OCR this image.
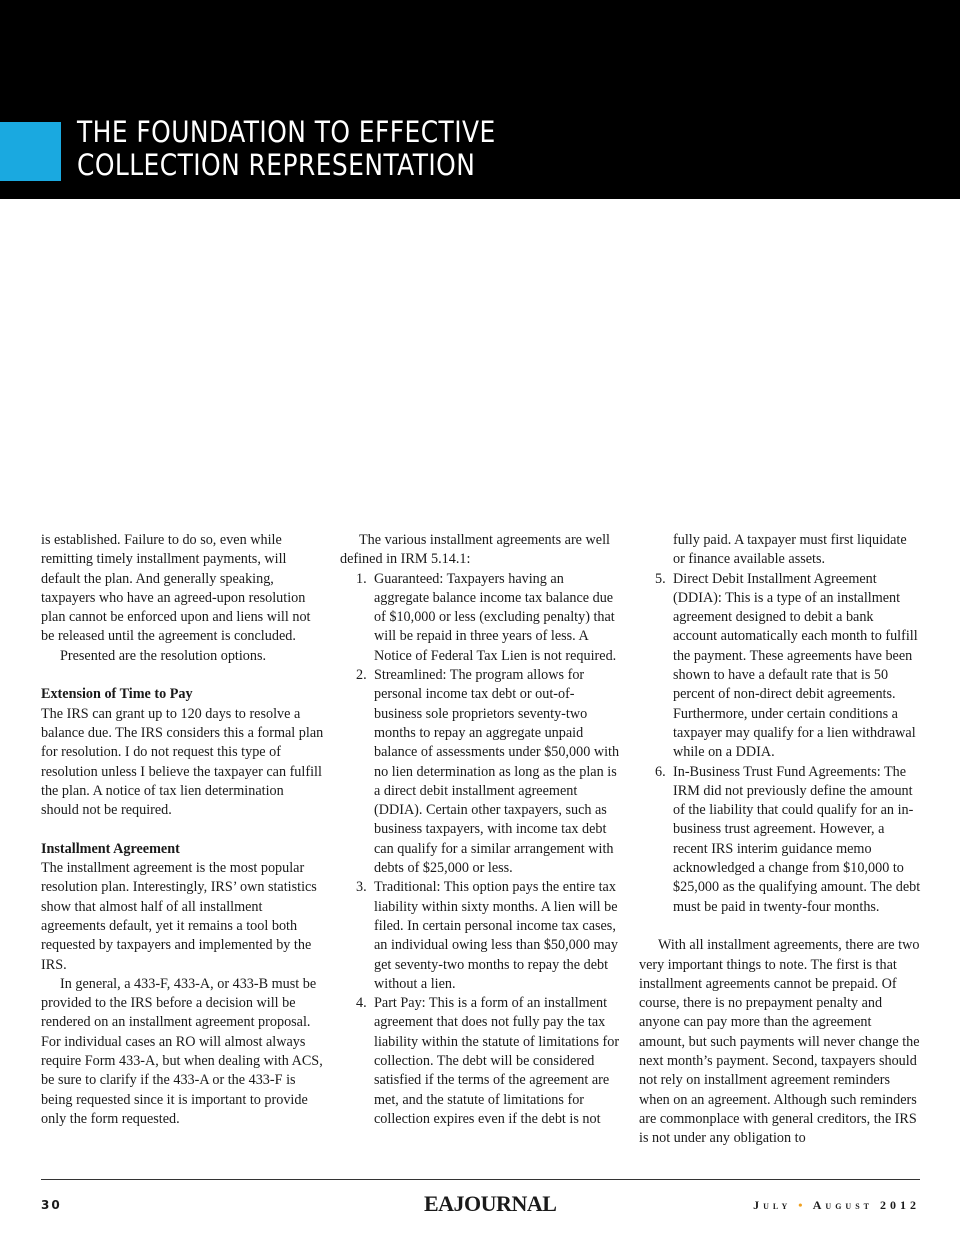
THE FOUNDATION TO EFFECTIVE
COLLECTION REPRESENTATION

is established. Failure to do so, even while remitting timely installment payments, will default the plan. And generally speaking, taxpayers who have an agreed-upon resolution plan cannot be enforced upon and liens will not be released until the agreement is concluded.

Presented are the resolution options.

Extension of Time to Pay

The IRS can grant up to 120 days to resolve a balance due. The IRS considers this a formal plan for resolution. I do not request this type of resolution unless I believe the taxpayer can fulfill the plan. A notice of tax lien determination should not be required.

Installment Agreement

The installment agreement is the most popular resolution plan. Interestingly, IRS’ own statistics show that almost half of all installment agreements default, yet it remains a tool both requested by taxpayers and implemented by the IRS.

In general, a 433-F, 433-A, or 433-B must be provided to the IRS before a decision will be rendered on an installment agreement proposal. For individual cases an RO will almost always require Form 433-A, but when dealing with ACS, be sure to clarify if the 433-A or the 433-F is being requested since it is important to provide only the form requested.

The various installment agreements are well defined in IRM 5.14.1:

1. Guaranteed: Taxpayers having an aggregate balance income tax balance due of $10,000 or less (excluding penalty) that will be repaid in three years of less. A Notice of Federal Tax Lien is not required.
2. Streamlined: The program allows for personal income tax debt or out-of-business sole proprietors seventy-two months to repay an aggregate unpaid balance of assessments under $50,000 with no lien determination as long as the plan is a direct debit installment agreement (DDIA). Certain other taxpayers, such as business taxpayers, with income tax debt can qualify for a similar arrangement with debts of $25,000 or less.
3. Traditional: This option pays the entire tax liability within sixty months. A lien will be filed. In certain personal income tax cases, an individual owing less than $50,000 may get seventy-two months to repay the debt without a lien.
4. Part Pay: This is a form of an installment agreement that does not fully pay the tax liability within the statute of limitations for collection. The debt will be considered satisfied if the terms of the agreement are met, and the statute of limitations for collection expires even if the debt is not

fully paid. A taxpayer must first liquidate or finance available assets.

5. Direct Debit Installment Agreement (DDIA): This is a type of an installment agreement designed to debit a bank account automatically each month to fulfill the payment. These agreements have been shown to have a default rate that is 50 percent of non-direct debit agreements. Furthermore, under certain conditions a taxpayer may qualify for a lien withdrawal while on a DDIA.
6. In-Business Trust Fund Agreements: The IRM did not previously define the amount of the liability that could qualify for an in-business trust agreement. However, a recent IRS interim guidance memo acknowledged a change from $10,000 to $25,000 as the qualifying amount. The debt must be paid in twenty-four months.

With all installment agreements, there are two very important things to note. The first is that installment agreements cannot be prepaid. Of course, there is no prepayment penalty and anyone can pay more than the agreement amount, but such payments will never change the next month’s payment. Second, taxpayers should not rely on installment agreement reminders when on an agreement. Although such reminders are commonplace with general creditors, the IRS is not under any obligation to

30	EAJOURNAL	July • August 2012
